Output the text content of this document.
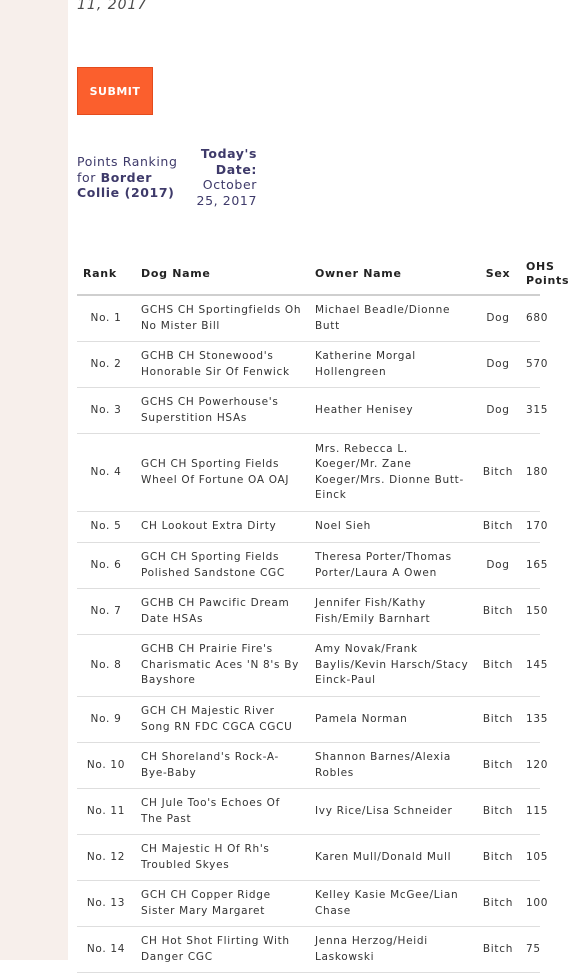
11, 2017
SUBMIT
Points Ranking for Border Collie (2017)
Today's Date:
October 25, 2017
Rank	Dog Name	Owner Name	Sex	OHS Points
No. 1	GCHS CH Sportingfields Oh No Mister Bill	Michael Beadle/Dionne Butt	Dog	680
No. 2	GCHB CH Stonewood's Honorable Sir Of Fenwick	Katherine Morgal Hollengreen	Dog	570
No. 3	GCHS CH Powerhouse's Superstition HSAs	Heather Henisey	Dog	315
No. 4	GCH CH Sporting Fields Wheel Of Fortune OA OAJ	Mrs. Rebecca L. Koeger/Mr. Zane Koeger/Mrs. Dionne Butt-Einck	Bitch	180
No. 5	CH Lookout Extra Dirty	Noel Sieh	Bitch	170
No. 6	GCH CH Sporting Fields Polished Sandstone CGC	Theresa Porter/Thomas Porter/Laura A Owen	Dog	165
No. 7	GCHB CH Pawcific Dream Date HSAs	Jennifer Fish/Kathy Fish/Emily Barnhart	Bitch	150
No. 8	GCHB CH Prairie Fire's Charismatic Aces 'N 8's By Bayshore	Amy Novak/Frank Baylis/Kevin Harsch/Stacy Einck-Paul	Bitch	145
No. 9	GCH CH Majestic River Song RN FDC CGCA CGCU	Pamela Norman	Bitch	135
No. 10	CH Shoreland's Rock-A-Bye-Baby	Shannon Barnes/Alexia Robles	Bitch	120
No. 11	CH Jule Too's Echoes Of The Past	Ivy Rice/Lisa Schneider	Bitch	115
No. 12	CH Majestic H Of Rh's Troubled Skyes	Karen Mull/Donald Mull	Bitch	105
No. 13	GCH CH Copper Ridge Sister Mary Margaret	Kelley Kasie McGee/Lian Chase	Bitch	100
No. 14	CH Hot Shot Flirting With Danger CGC	Jenna Herzog/Heidi Laskowski	Bitch	75
